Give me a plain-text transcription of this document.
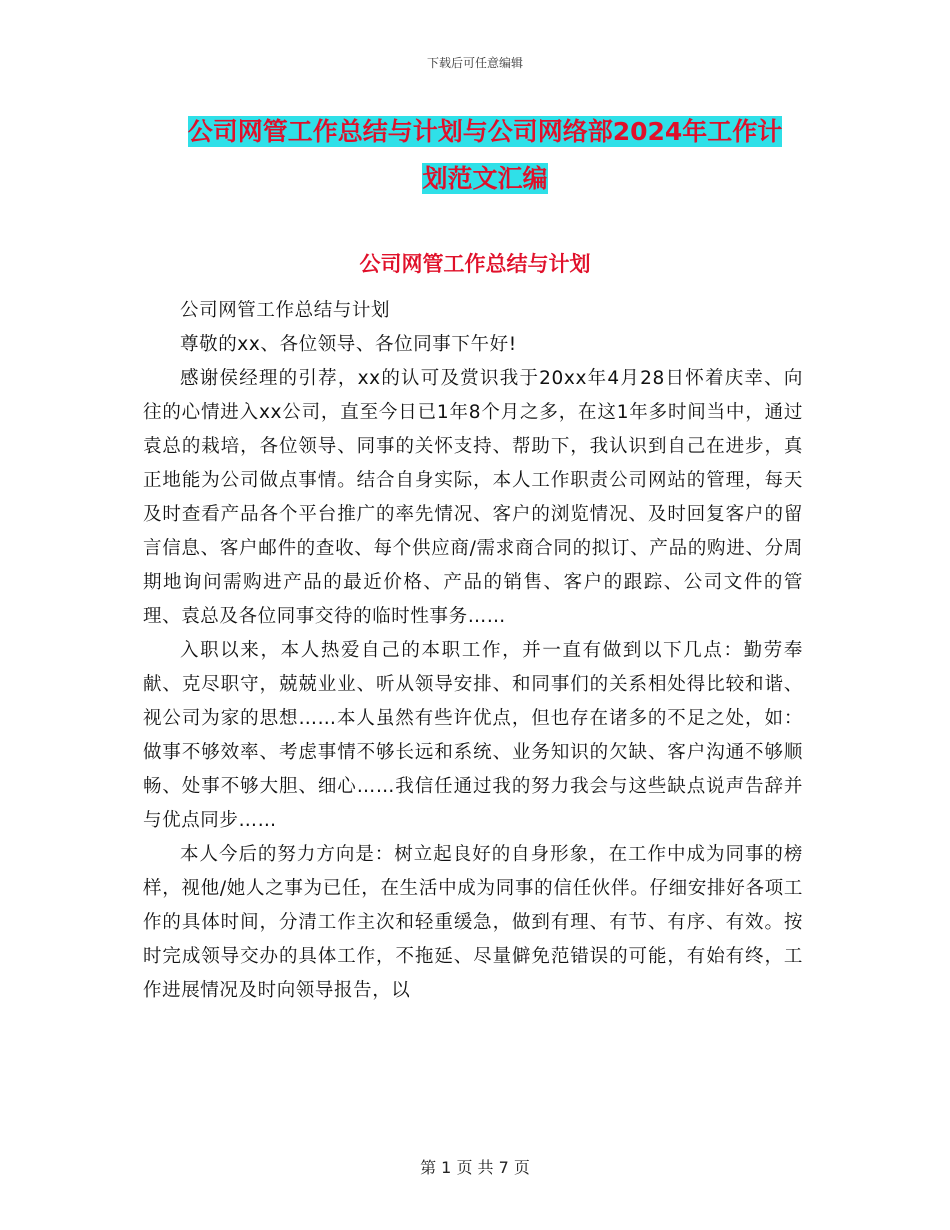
下载后可任意编辑
公司网管工作总结与计划与公司网络部2024年工作计
划范文汇编
公司网管工作总结与计划

公司网管工作总结与计划

尊敬的xx、各位领导、各位同事下午好!

感谢侯经理的引荐，xx的认可及赏识我于20xx年4月28日怀着庆幸、向往的心情进入xx公司，直至今日已1年8个月之多，在这1年多时间当中，通过袁总的栽培，各位领导、同事的关怀支持、帮助下，我认识到自己在进步，真正地能为公司做点事情。结合自身实际，本人工作职责公司网站的管理，每天及时查看产品各个平台推广的率先情况、客户的浏览情况、及时回复客户的留言信息、客户邮件的查收、每个供应商/需求商合同的拟订、产品的购进、分周期地询问需购进产品的最近价格、产品的销售、客户的跟踪、公司文件的管理、袁总及各位同事交待的临时性事务……

入职以来，本人热爱自己的本职工作，并一直有做到以下几点：勤劳奉献、克尽职守，兢兢业业、听从领导安排、和同事们的关系相处得比较和谐、视公司为家的思想……本人虽然有些许优点，但也存在诸多的不足之处，如：做事不够效率、考虑事情不够长远和系统、业务知识的欠缺、客户沟通不够顺畅、处事不够大胆、细心……我信任通过我的努力我会与这些缺点说声告辞并与优点同步……

本人今后的努力方向是：树立起良好的自身形象，在工作中成为同事的榜样，视他/她人之事为已任，在生活中成为同事的信任伙伴。仔细安排好各项工作的具体时间，分清工作主次和轻重缓急，做到有理、有节、有序、有效。按时完成领导交办的具体工作，不拖延、尽量僻免范错误的可能，有始有终，工作进展情况及时向领导报告，以

第 1 页 共 7 页
